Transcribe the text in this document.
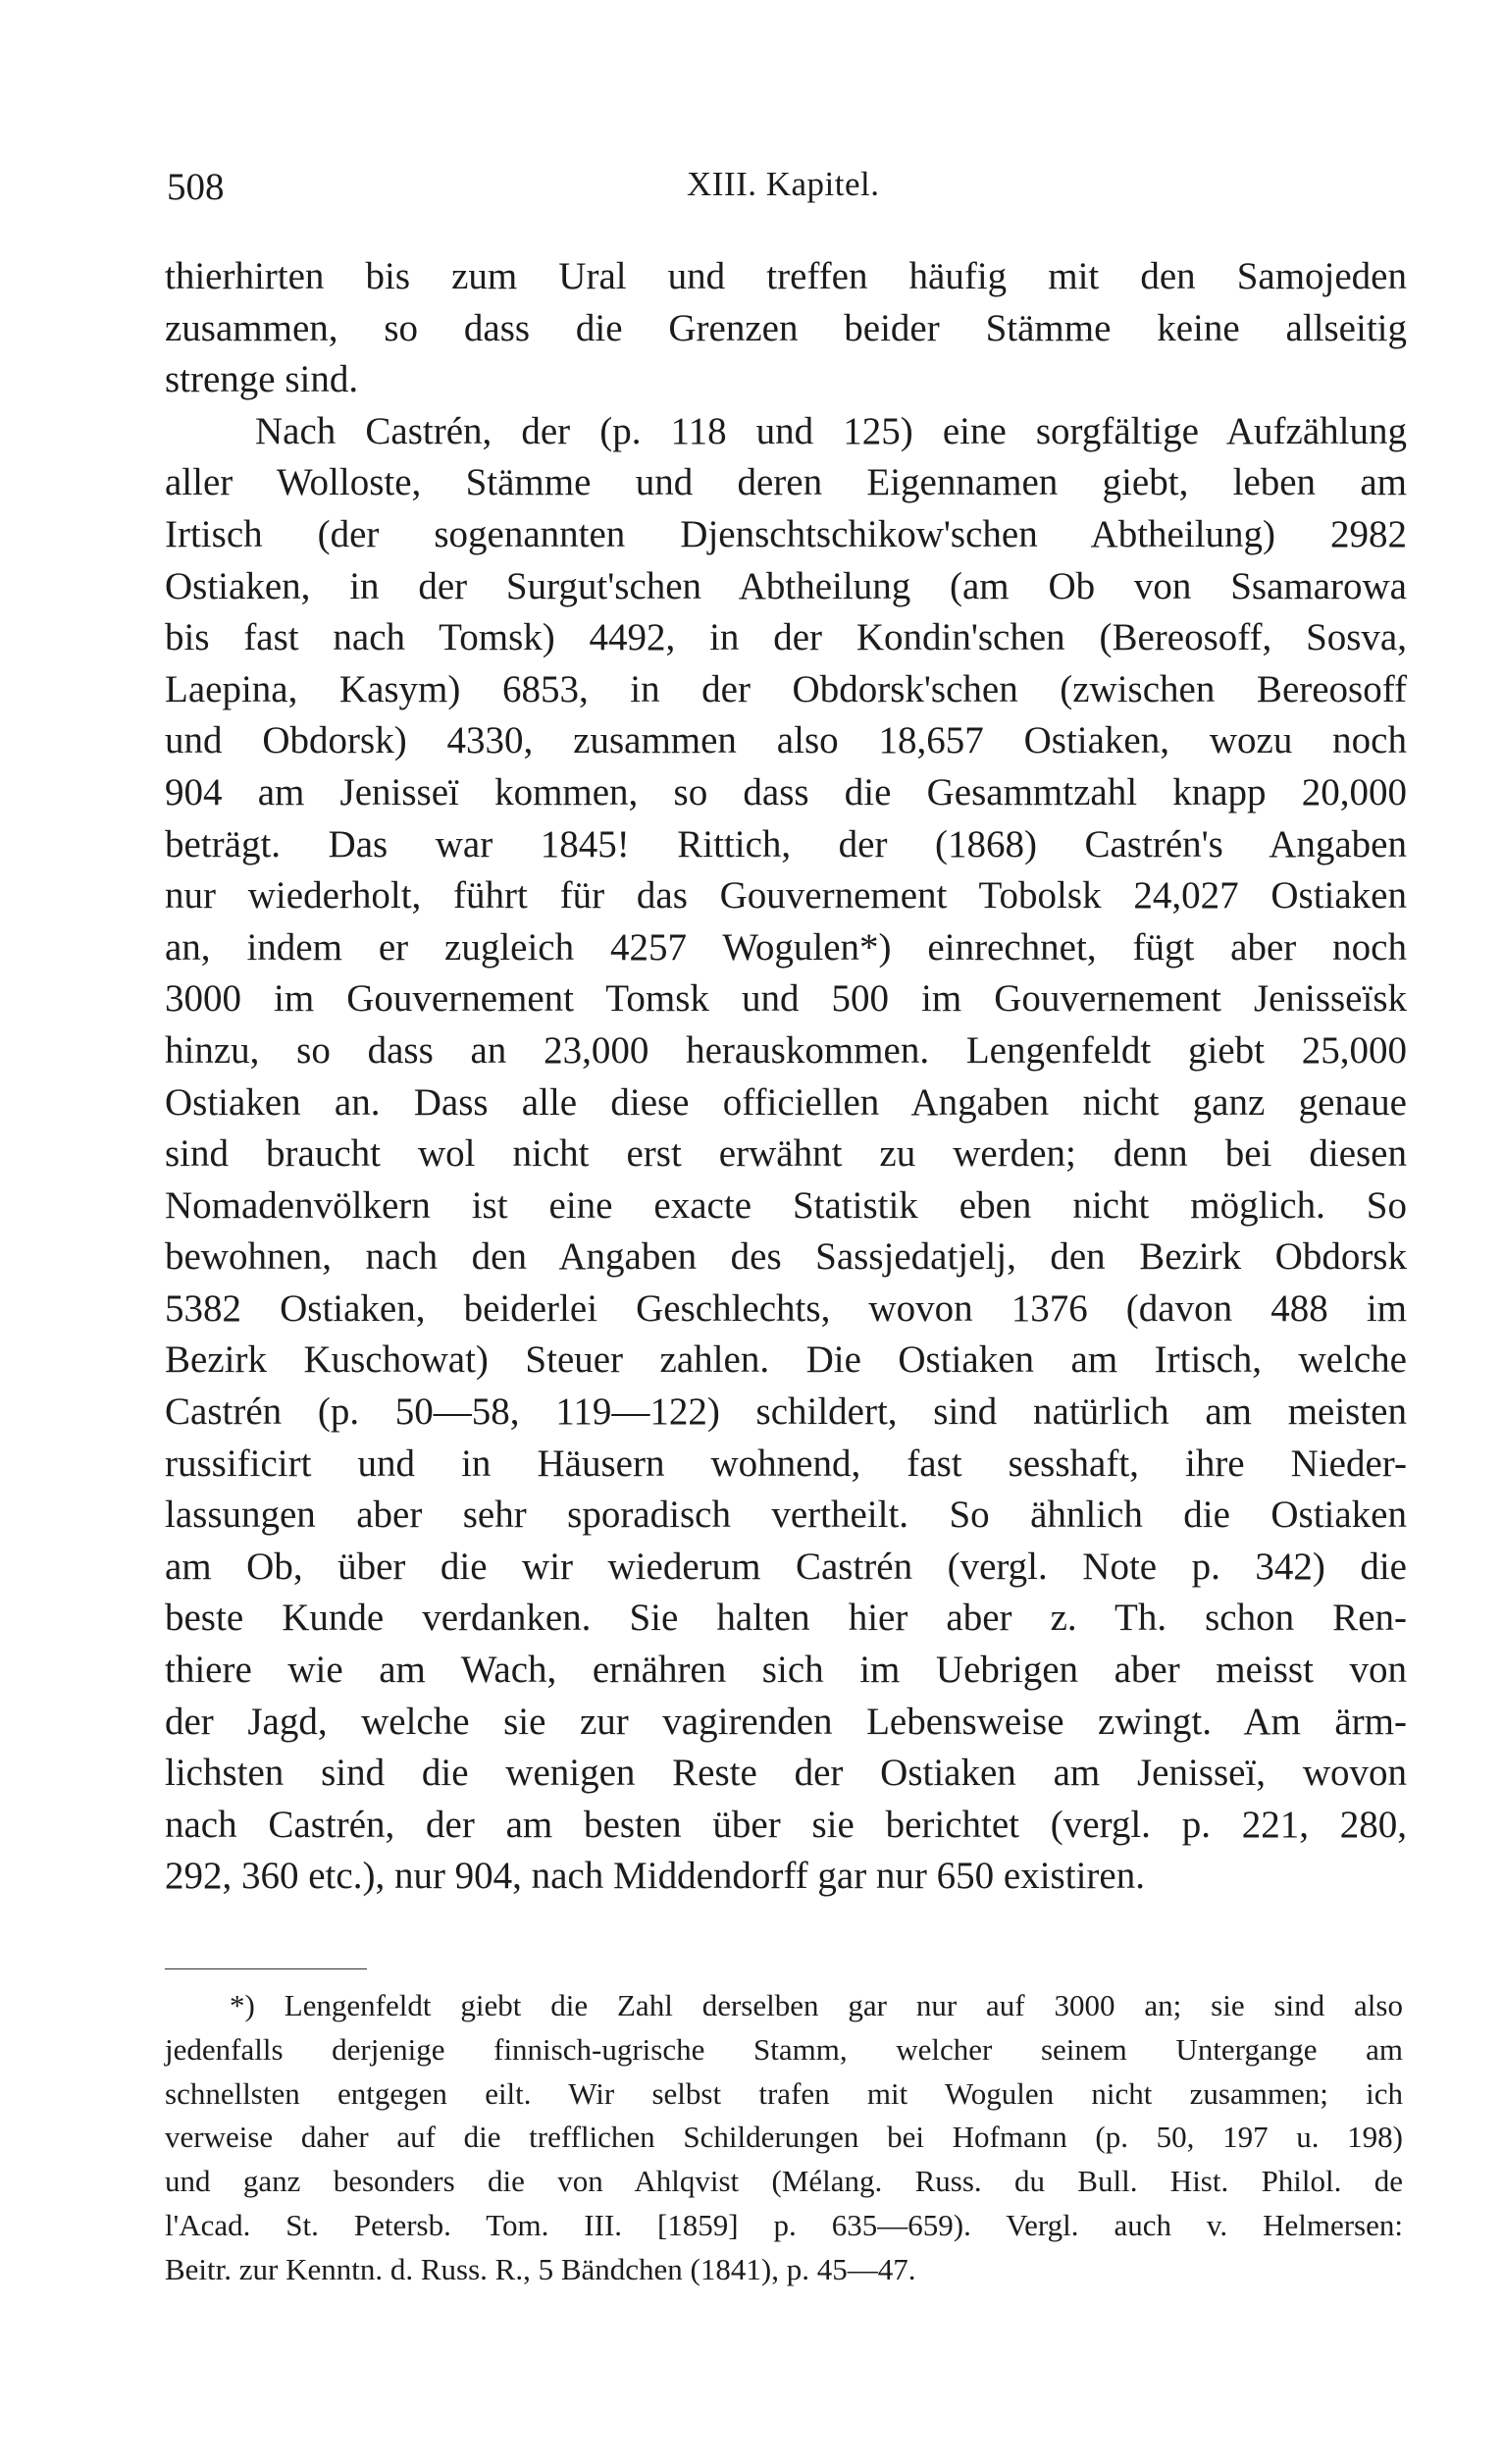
508	XIII. Kapitel.
thierhirten bis zum Ural und treffen häufig mit den Samojeden
zusammen, so dass die Grenzen beider Stämme keine allseitig
strenge sind.
Nach Castrén, der (p. 118 und 125) eine sorgfältige Aufzählung
aller Wolloste, Stämme und deren Eigennamen giebt, leben am
Irtisch (der sogenannten Djenschtschikow'schen Abtheilung) 2982
Ostiaken, in der Surgut'schen Abtheilung (am Ob von Ssamarowa
bis fast nach Tomsk) 4492, in der Kondin'schen (Bereosoff, Sosva,
Laepina, Kasym) 6853, in der Obdorsk'schen (zwischen Bereosoff
und Obdorsk) 4330, zusammen also 18,657 Ostiaken, wozu noch
904 am Jenisseï kommen, so dass die Gesammtzahl knapp 20,000
beträgt. Das war 1845! Rittich, der (1868) Castrén's Angaben
nur wiederholt, führt für das Gouvernement Tobolsk 24,027 Ostiaken
an, indem er zugleich 4257 Wogulen*) einrechnet, fügt aber noch
3000 im Gouvernement Tomsk und 500 im Gouvernement Jenisseïsk
hinzu, so dass an 23,000 herauskommen. Lengenfeldt giebt 25,000
Ostiaken an. Dass alle diese officiellen Angaben nicht ganz genaue
sind braucht wol nicht erst erwähnt zu werden; denn bei diesen
Nomadenvölkern ist eine exacte Statistik eben nicht möglich. So
bewohnen, nach den Angaben des Sassjedatjelj, den Bezirk Obdorsk
5382 Ostiaken, beiderlei Geschlechts, wovon 1376 (davon 488 im
Bezirk Kuschowat) Steuer zahlen. Die Ostiaken am Irtisch, welche
Castrén (p. 50—58, 119—122) schildert, sind natürlich am meisten
russificirt und in Häusern wohnend, fast sesshaft, ihre Nieder-
lassungen aber sehr sporadisch vertheilt. So ähnlich die Ostiaken
am Ob, über die wir wiederum Castrén (vergl. Note p. 342) die
beste Kunde verdanken. Sie halten hier aber z. Th. schon Ren-
thiere wie am Wach, ernähren sich im Uebrigen aber meisst von
der Jagd, welche sie zur vagirenden Lebensweise zwingt. Am ärm-
lichsten sind die wenigen Reste der Ostiaken am Jenisseï, wovon
nach Castrén, der am besten über sie berichtet (vergl. p. 221, 280,
292, 360 etc.), nur 904, nach Middendorff gar nur 650 existiren.
*) Lengenfeldt giebt die Zahl derselben gar nur auf 3000 an; sie sind also
jedenfalls derjenige finnisch-ugrische Stamm, welcher seinem Untergange am
schnellsten entgegen eilt. Wir selbst trafen mit Wogulen nicht zusammen; ich
verweise daher auf die trefflichen Schilderungen bei Hofmann (p. 50, 197 u. 198)
und ganz besonders die von Ahlqvist (Mélang. Russ. du Bull. Hist. Philol. de
l'Acad. St. Petersb. Tom. III. [1859] p. 635—659). Vergl. auch v. Helmersen:
Beitr. zur Kenntn. d. Russ. R., 5 Bändchen (1841), p. 45—47.
